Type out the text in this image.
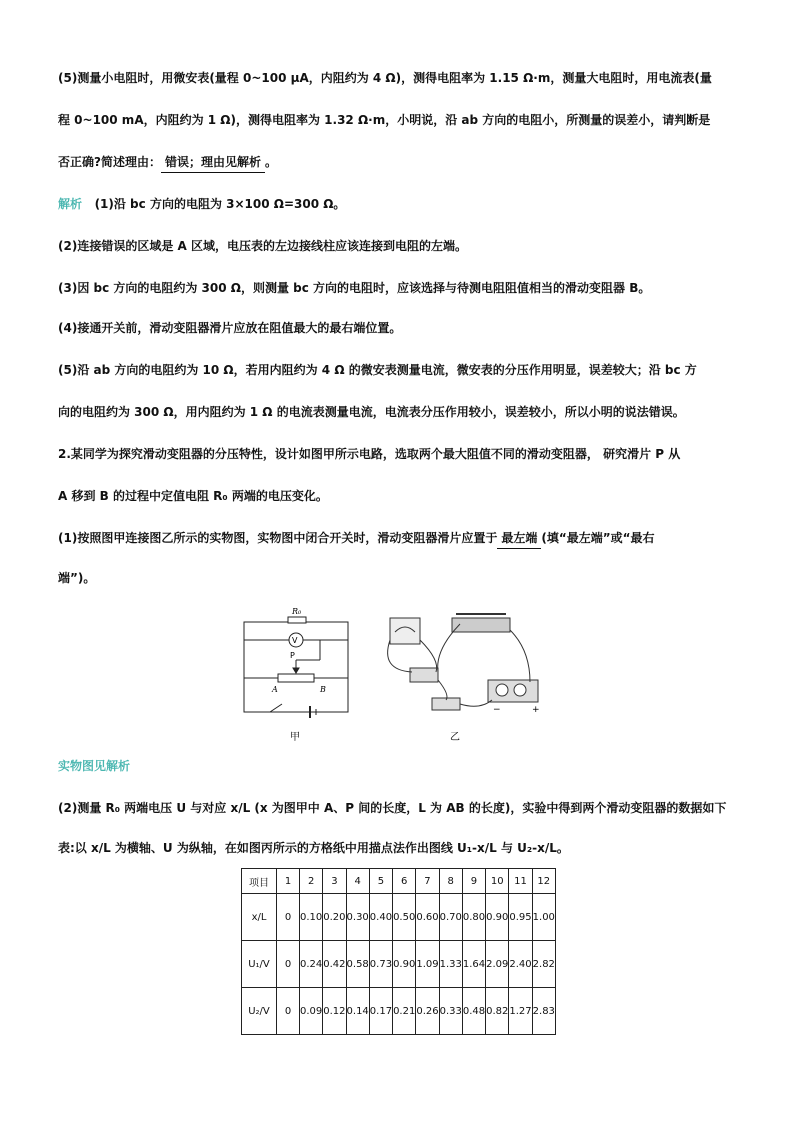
(5)测量小电阻时，用微安表(量程 0~100 μA，内阻约为 4 Ω)，测得电阻率为 1.15 Ω·m，测量大电阻时，用电流表(量
程 0~100 mA，内阻约为 1 Ω)，测得电阻率为 1.32 Ω·m，小明说，沿 ab 方向的电阻小，所测量的误差小，请判断是
否正确?简述理由： 错误；理由见解析 。
解析 (1)沿 bc 方向的电阻为 3×100 Ω=300 Ω。
(2)连接错误的区域是 A 区域，电压表的左边接线柱应该连接到电阻的左端。
(3)因 bc 方向的电阻约为 300 Ω，则测量 bc 方向的电阻时，应该选择与待测电阻阻值相当的滑动变阻器 B。
(4)接通开关前，滑动变阻器滑片应放在阻值最大的最右端位置。
(5)沿 ab 方向的电阻约为 10 Ω，若用内阻约为 4 Ω 的微安表测量电流，微安表的分压作用明显，误差较大；沿 bc 方
向的电阻约为 300 Ω，用内阻约为 1 Ω 的电流表测量电流，电流表分压作用较小，误差较小，所以小明的说法错误。
2.某同学为探究滑动变阻器的分压特性，设计如图甲所示电路，选取两个最大阻值不同的滑动变阻器， 研究滑片 P 从
A 移到 B 的过程中定值电阻 R₀ 两端的电压变化。
(1)按照图甲连接图乙所示的实物图，实物图中闭合开关时，滑动变阻器滑片应置于 最左端 (填“最左端”或“最右
端”)。
R₀
V
P
A	B
甲
−	+
乙
实物图见解析
(2)测量 R₀ 两端电压 U 与对应 x/L (x 为图甲中 A、P 间的长度，L 为 AB 的长度)，实验中得到两个滑动变阻器的数据如下
表:以 x/L 为横轴、U 为纵轴，在如图丙所示的方格纸中用描点法作出图线 U₁-x/L 与 U₂-x/L。
项目	1	2	3	4	5	6	7	8	9	10	11	12
x/L	0	0.10	0.20	0.30	0.40	0.50	0.60	0.70	0.80	0.90	0.95	1.00
U₁/V	0	0.24	0.42	0.58	0.73	0.90	1.09	1.33	1.64	2.09	2.40	2.82
U₂/V	0	0.09	0.12	0.14	0.17	0.21	0.26	0.33	0.48	0.82	1.27	2.83
